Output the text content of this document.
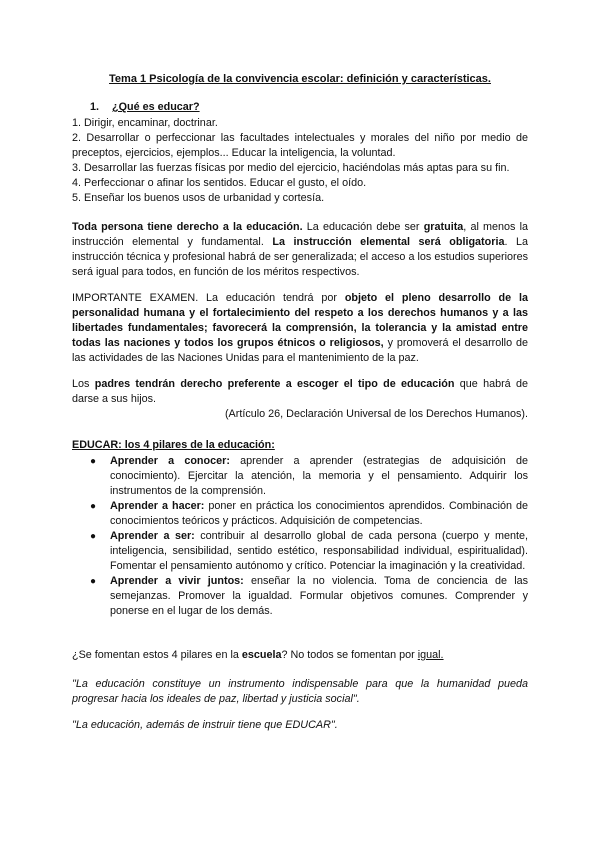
Tema 1 Psicología de la convivencia escolar: definición y características.
1. ¿Qué es educar?

1. Dirigir, encaminar, doctrinar.

2. Desarrollar o perfeccionar las facultades intelectuales y morales del niño por medio de preceptos, ejercicios, ejemplos... Educar la inteligencia, la voluntad.

3. Desarrollar las fuerzas físicas por medio del ejercicio, haciéndolas más aptas para su fin.

4. Perfeccionar o afinar los sentidos. Educar el gusto, el oído.

5. Enseñar los buenos usos de urbanidad y cortesía.

Toda persona tiene derecho a la educación. La educación debe ser gratuita, al menos la instrucción elemental y fundamental. La instrucción elemental será obligatoria. La instrucción técnica y profesional habrá de ser generalizada; el acceso a los estudios superiores será igual para todos, en función de los méritos respectivos.
IMPORTANTE EXAMEN. La educación tendrá por objeto el pleno desarrollo de la personalidad humana y el fortalecimiento del respeto a los derechos humanos y a las libertades fundamentales; favorecerá la comprensión, la tolerancia y la amistad entre todas las naciones y todos los grupos étnicos o religiosos, y promoverá el desarrollo de las actividades de las Naciones Unidas para el mantenimiento de la paz.

Los padres tendrán derecho preferente a escoger el tipo de educación que habrá de darse a sus hijos.

(Artículo 26, Declaración Universal de los Derechos Humanos).

EDUCAR: los 4 pilares de la educación:
● Aprender a conocer: aprender a aprender (estrategias de adquisición de conocimiento). Ejercitar la atención, la memoria y el pensamiento. Adquirir los instrumentos de la comprensión.
● Aprender a hacer: poner en práctica los conocimientos aprendidos. Combinación de conocimientos teóricos y prácticos. Adquisición de competencias.
● Aprender a ser: contribuir al desarrollo global de cada persona (cuerpo y mente, inteligencia, sensibilidad, sentido estético, responsabilidad individual, espiritualidad). Fomentar el pensamiento autónomo y crítico. Potenciar la imaginación y la creatividad.
● Aprender a vivir juntos: enseñar la no violencia. Toma de conciencia de las semejanzas. Promover la igualdad. Formular objetivos comunes. Comprender y ponerse en el lugar de los demás.
¿Se fomentan estos 4 pilares en la escuela? No todos se fomentan por igual.
"La educación constituye un instrumento indispensable para que la humanidad pueda progresar hacia los ideales de paz, libertad y justicia social".
"La educación, además de instruir tiene que EDUCAR".
